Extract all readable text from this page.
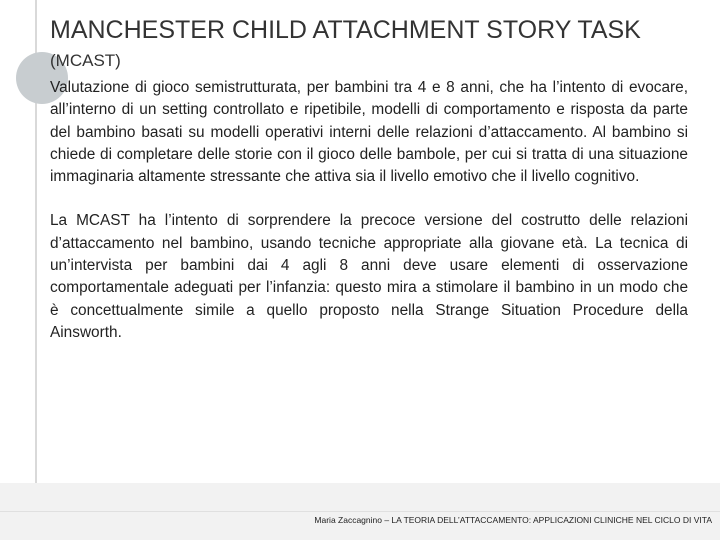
MANCHESTER CHILD ATTACHMENT STORY TASK (MCAST)

Valutazione di gioco semistrutturata, per bambini tra 4 e 8 anni, che ha l’intento di evocare, all’interno di un setting controllato e ripetibile, modelli di comportamento e risposta da parte del bambino basati su modelli operativi interni delle relazioni d’attaccamento. Al bambino si chiede di completare delle storie con il gioco delle bambole, per cui si tratta di una situazione immaginaria altamente stressante che attiva sia il livello emotivo che il livello cognitivo.

La MCAST ha l’intento di sorprendere la precoce versione del costrutto delle relazioni d’attaccamento nel bambino, usando tecniche appropriate alla giovane età. La tecnica di un’intervista per bambini dai 4 agli 8 anni deve usare elementi di osservazione comportamentale adeguati per l’infanzia: questo mira a stimolare il bambino in un modo che è concettualmente simile a quello proposto nella Strange Situation Procedure della Ainsworth.

Maria Zaccagnino – LA TEORIA DELL’ATTACCAMENTO: APPLICAZIONI CLINICHE NEL CICLO DI VITA
